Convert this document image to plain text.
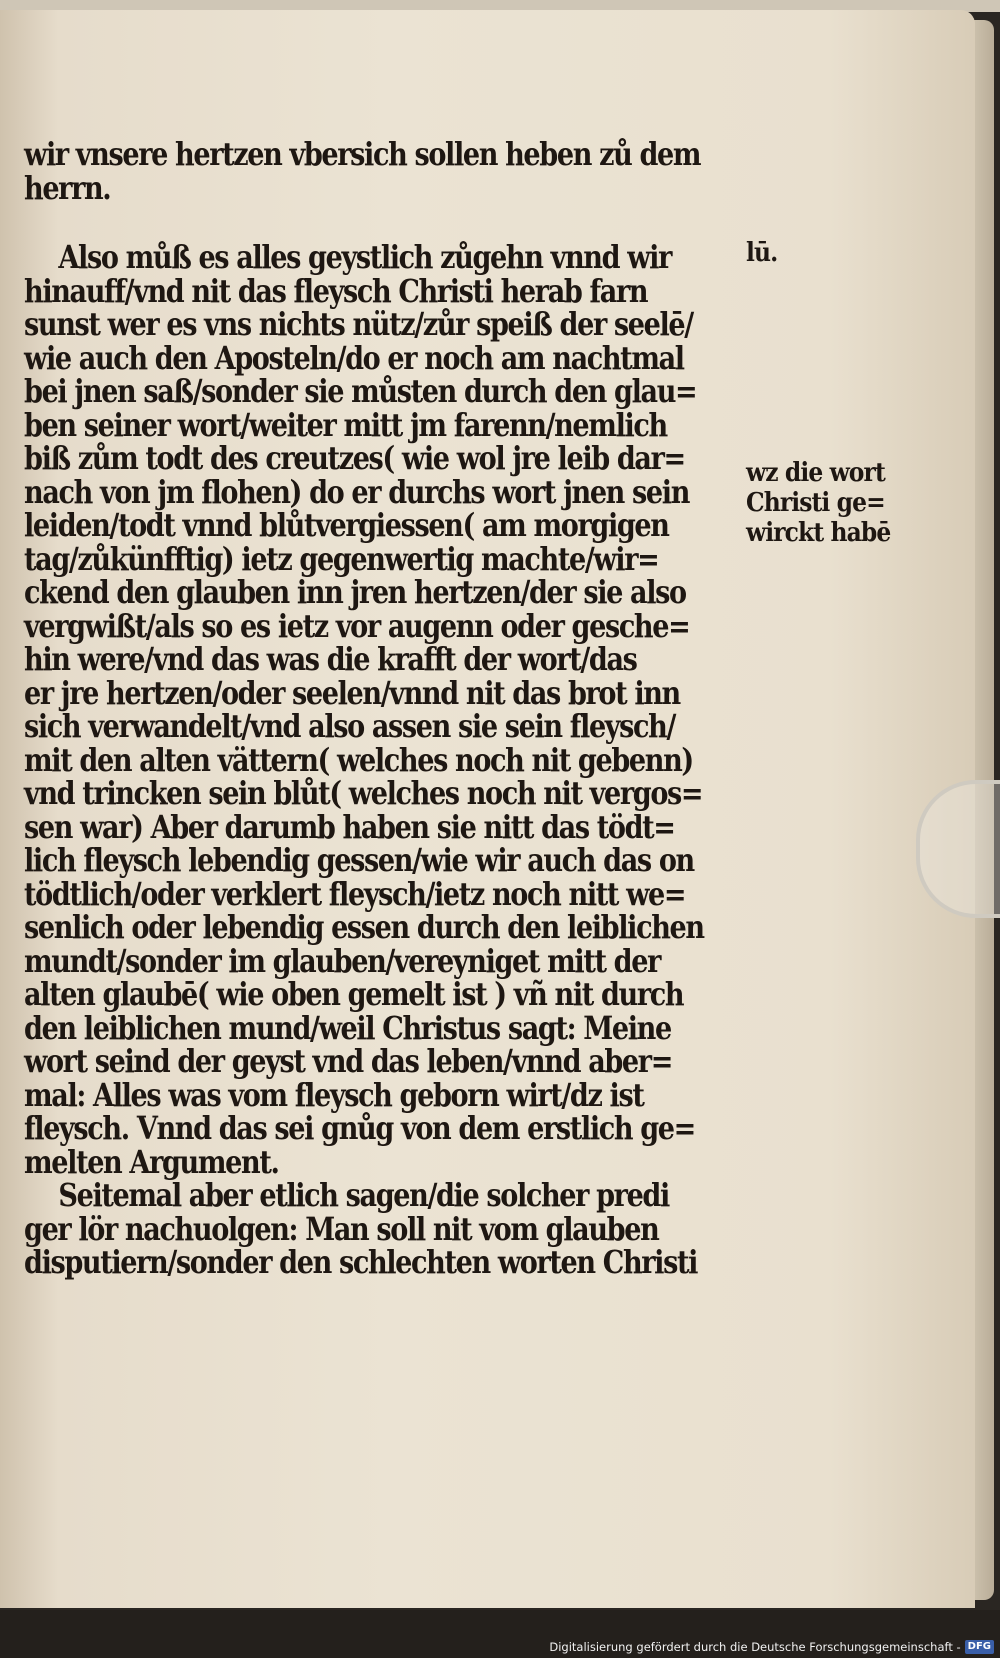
wir vnsere hertzen vbersich sollen heben zů dem
herrn.
Also můß es alles geystlich zůgehn vnnd wir
hinauff/vnd nit das fleysch Christi herab farn
sunst wer es vns nichts nütz/zůr speiß der seelē/
wie auch den Aposteln/do er noch am nachtmal
bei jnen saß/sonder sie můsten durch den glau=
ben seiner wort/weiter mitt jm farenn/nemlich
biß zům todt des creutzes( wie wol jre leib dar=
nach von jm flohen) do er durchs wort jnen sein
leiden/todt vnnd blůtvergiessen( am morgigen
tag/zůkünfftig) ietz gegenwertig machte/wir=
ckend den glauben inn jren hertzen/der sie also
vergwißt/als so es ietz vor augenn oder gesche=
hin were/vnd das was die krafft der wort/das
er jre hertzen/oder seelen/vnnd nit das brot inn
sich verwandelt/vnd also assen sie sein fleysch/
mit den alten vättern( welches noch nit gebenn)
vnd trincken sein blůt( welches noch nit vergos=
sen war) Aber darumb haben sie nitt das tödt=
lich fleysch lebendig gessen/wie wir auch das on
tödtlich/oder verklert fleysch/ietz noch nitt we=
senlich oder lebendig essen durch den leiblichen
mundt/sonder im glauben/vereyniget mitt der
alten glaubē( wie oben gemelt ist ) vñ nit durch
den leiblichen mund/weil Christus sagt: Meine
wort seind der geyst vnd das leben/vnnd aber=
mal: Alles was vom fleysch geborn wirt/dz ist
fleysch. Vnnd das sei gnůg von dem erstlich ge=
melten Argument.
Seitemal aber etlich sagen/die solcher predi
ger lör nachuolgen: Man soll nit vom glauben
disputiern/sonder den schlechten worten Christi
lū.
wz die wort
Christi ge=
wirckt habē
Digitalisierung gefördert durch die Deutsche Forschungsgemeinschaft - DFG
